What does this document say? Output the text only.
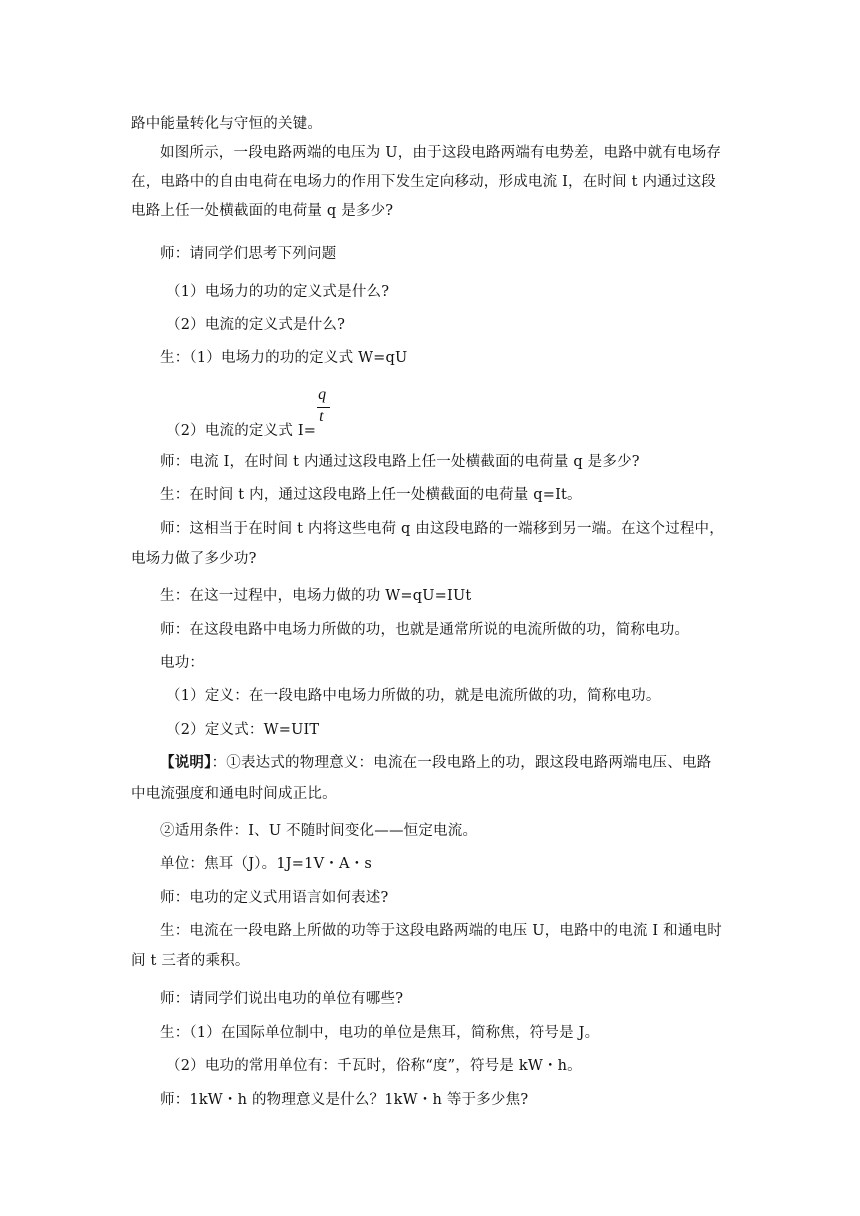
路中能量转化与守恒的关键。
如图所示，一段电路两端的电压为 U，由于这段电路两端有电势差，电路中就有电场存
在，电路中的自由电荷在电场力的作用下发生定向移动，形成电流 I，在时间 t 内通过这段
电路上任一处横截面的电荷量 q 是多少?
师：请同学们思考下列问题
（1）电场力的功的定义式是什么?
（2）电流的定义式是什么?
生：（1）电场力的功的定义式 W=qU
（2）电流的定义式 $I= \frac{q}{t}$
师：电流 I，在时间 t 内通过这段电路上任一处横截面的电荷量 q 是多少?
生：在时间 t 内，通过这段电路上任一处横截面的电荷量 q=It。
师：这相当于在时间 t 内将这些电荷 q 由这段电路的一端移到另一端。在这个过程中，
电场力做了多少功?
生：在这一过程中，电场力做的功 W=qU=IUt
师：在这段电路中电场力所做的功，也就是通常所说的电流所做的功，简称电功。
电功：
（1）定义：在一段电路中电场力所做的功，就是电流所做的功，简称电功。
（2）定义式：W=UIT
【说明】：①表达式的物理意义：电流在一段电路上的功，跟这段电路两端电压、电路
中电流强度和通电时间成正比。
②适用条件：I、U 不随时间变化——恒定电流。
单位：焦耳（J）。1J=1V・A・s
师：电功的定义式用语言如何表述?
生：电流在一段电路上所做的功等于这段电路两端的电压 U，电路中的电流 I 和通电时
间 t 三者的乘积。
师：请同学们说出电功的单位有哪些?
生：（1）在国际单位制中，电功的单位是焦耳，简称焦，符号是 J。
（2）电功的常用单位有：千瓦时，俗称“度”，符号是 kW・h。
师：1kW・h 的物理意义是什么？1kW・h 等于多少焦?
